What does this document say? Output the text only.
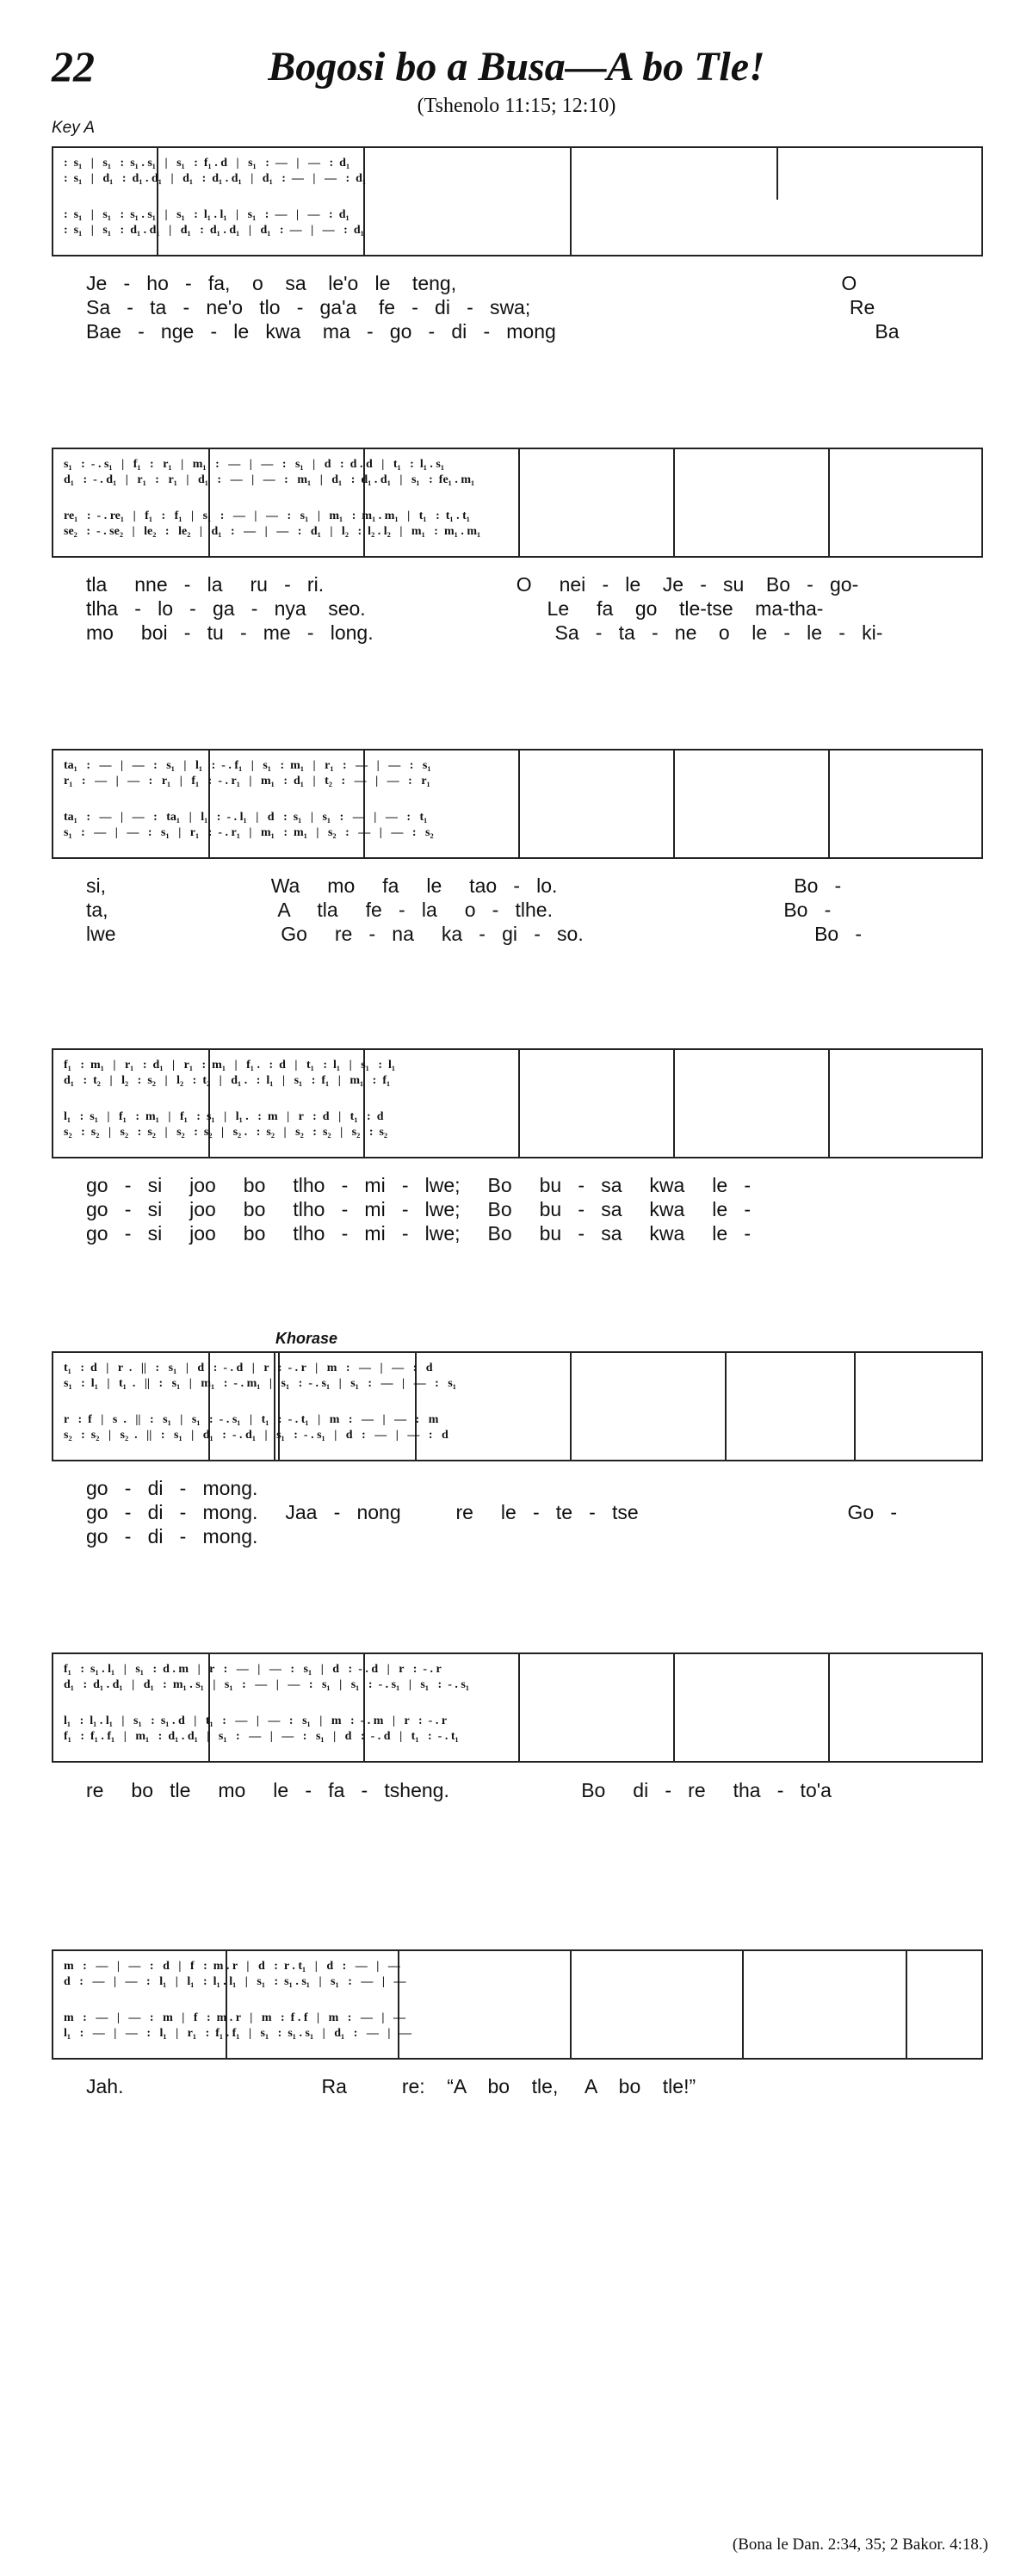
22	Bogosi bo a Busa—A bo Tle!
(Tshenolo 11:15; 12:10)
Key A
Khorase
:  s₁   |   s₁   :  s₁ . s₁   |   s₁   :  f₁ . d   |   s₁   :  —   |   —   :  d₁
:  s₁   |   d₁   :  d₁ . d₁   |   d₁   :  d₁ . d₁   |   d₁   :  —   |   —   :  d₁
:  s₁   |   s₁   :  s₁ . s₁   |   s₁   :  l₁ . l₁   |   s₁   :  —   |   —   :  d₁
:  s₁   |   s₁   :  d₁ . d₁   |   d₁   :  d₁ . d₁   |   d₁   :  —   |   —   :  d₁
Je   -   ho   -   fa,    o    sa    le'o   le    teng,                                                                      O
Sa   -   ta   -   ne'o   tlo   -   ga'a    fe   -   di   -   swa;                                                          Re
Bae   -   nge   -   le   kwa    ma   -   go   -   di   -   mong                                                          Ba
s₁   :  - . s₁   |   f₁   :   r₁   |   m₁   :   —   |   —   :   s₁   |   d   :  d . d   |   t₁   :  l₁ . s₁
d₁   :  - . d₁   |   r₁   :   r₁   |   d₁   :   —   |   —   :   m₁   |   d₁   :  d₁ . d₁   |   s₁   :  fe₁ . m₁
re₁   :  - . re₁   |   f₁   :   f₁   |   s₁   :   —   |   —   :   s₁   |   m₁   :  m₁ . m₁   |   t₁   :  t₁ . t₁
se₂   :  - . se₂   |   le₂   :   le₂   |   d₁   :   —   |   —   :   d₁   |   l₂   :  l₂ . l₂   |   m₁   :  m₁ . m₁
tla     nne   -   la     ru   -   ri.                                   O     nei   -   le    Je   -   su    Bo   -   go-
tlha   -   lo   -   ga   -   nya    seo.                                 Le     fa    go    tle-tse    ma-tha-
mo     boi   -   tu   -   me   -   long.                                 Sa   -   ta   -   ne    o    le   -   le   -   ki-
ta₁   :   —   |   —   :   s₁   |   l₁   :  - . f₁   |   s₁   :  m₁   |   r₁   :   —   |   —   :   s₁
r₁   :   —   |   —   :   r₁   |   f₁   :  - . r₁   |   m₁   :  d₁   |   t₂   :   —   |   —   :   r₁
ta₁   :   —   |   —   :   ta₁   |   l₁   :  - . l₁   |   d   :  s₁   |   s₁   :   —   |   —   :   t₁
s₁   :   —   |   —   :   s₁   |   r₁   :  - . r₁   |   m₁   :  m₁   |   s₂   :   —   |   —   :   s₂
si,                              Wa     mo     fa     le     tao   -   lo.                                           Bo   -
ta,                               A     tla     fe   -   la     o   -   tlhe.                                          Bo   -
lwe                              Go     re   -   na     ka   -   gi   -   so.                                          Bo   -
f₁   :  m₁   |   r₁   :  d₁   |   r₁   :  m₁   |   f₁ .   :  d   |   t₁   :  l₁   |   s₁   :  l₁
d₁   :  t₂   |   l₂   :  s₂   |   l₂   :  t₂   |   d₁ .   :  l₁   |   s₁   :  f₁   |   m₁   :  f₁
l₁   :  s₁   |   f₁   :  m₁   |   f₁   :  s₁   |   l₁ .   :  m   |   r   :  d   |   t₁   :  d
s₂   :  s₂   |   s₂   :  s₂   |   s₂   :  s₂   |   s₂ .   :  s₂   |   s₂   :  s₂   |   s₂   :  s₂
go   -   si     joo     bo     tlho   -   mi   -   lwe;     Bo     bu   -   sa     kwa     le   -
go   -   si     joo     bo     tlho   -   mi   -   lwe;     Bo     bu   -   sa     kwa     le   -
go   -   si     joo     bo     tlho   -   mi   -   lwe;     Bo     bu   -   sa     kwa     le   -
t₁   :  d   |   r  .   ||   :   s₁   |   d   :  - . d   |   r   :  - . r   |   m   :   —   |   —   :   d
s₁   :  l₁   |   t₁  .   ||   :   s₁   |   m₁   :  - . m₁   |   s₁   :  - . s₁   |   s₁   :   —   |   —   :   s₁
r   :  f   |   s  .   ||   :   s₁   |   s₁   :  - . s₁   |   t₁   :  - . t₁   |   m   :   —   |   —   :   m
s₂   :  s₂   |   s₂  .   ||   :   s₁   |   d₁   :  - . d₁   |   s₁   :  - . s₁   |   d   :   —   |   —   :   d
go   -   di   -   mong.
go   -   di   -   mong.     Jaa   -   nong          re     le   -   te   -   tse                                      Go   -
go   -   di   -   mong.
f₁   :  s₁ . l₁   |   s₁   :  d . m   |   r   :   —   |   —   :   s₁   |   d   :  - . d   |   r   :  - . r
d₁   :  d₁ . d₁   |   d₁   :  m₁ . s₁   |   s₁   :   —   |   —   :   s₁   |   s₁   :  - . s₁   |   s₁   :  - . s₁
l₁   :  l₁ . l₁   |   s₁   :  s₁ . d   |   t₁   :   —   |   —   :   s₁   |   m   :  - . m   |   r   :  - . r
f₁   :  f₁ . f₁   |   m₁   :  d₁ . d₁   |   s₁   :   —   |   —   :   s₁   |   d   :  - . d   |   t₁   :  - . t₁
re     bo   tle     mo     le   -   fa   -   tsheng.                        Bo     di   -   re     tha   -   to'a
m   :   —   |   —   :   d   |   f   :  m . r   |   d   :  r . t₁   |   d   :   —   |   —
d   :   —   |   —   :   l₁   |   l₁   :  l₁ . l₁   |   s₁   :  s₁ . s₁   |   s₁   :   —   |   —
m   :   —   |   —   :   m   |   f   :  m . r   |   m   :  f . f   |   m   :   —   |   —
l₁   :   —   |   —   :   l₁   |   r₁   :  f₁ . f₁   |   s₁   :  s₁ . s₁   |   d₁   :   —   |   —
Jah.                                    Ra          re:    “A    bo    tle,     A    bo    tle!”
(Bona le Dan. 2:34, 35; 2 Bakor. 4:18.)
